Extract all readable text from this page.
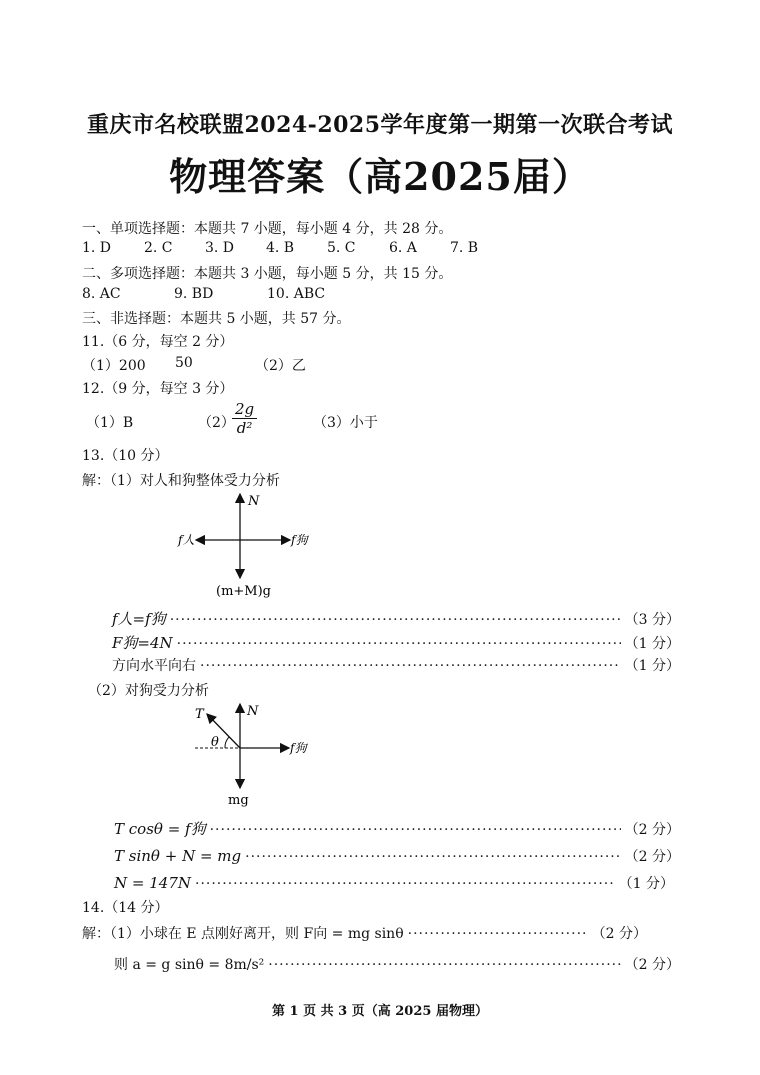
重庆市名校联盟2024-2025学年度第一期第一次联合考试
物理答案（高2025届）
一、单项选择题：本题共 7 小题，每小题 4 分，共 28 分。
1. D 2. C 3. D 4. B 5. C 6. A 7. B
二、多项选择题：本题共 3 小题，每小题 5 分，共 15 分。
8. AC	9. BD	10. ABC
三、非选择题：本题共 5 小题，共 57 分。
11.（6 分，每空 2 分）
（1）200 50	（2）乙
12.（9 分，每空 3 分）
（1）B	（2）
$\frac{2g}{\text{d²}}$	（3）小于
13.（10 分）
解：（1）对人和狗整体受力分析
N
f人	f狗
(m+M)g
f人=f狗 ·····	（3 分）
F狗=4N ·····	（1 分）
方向水平向右 ·····	（1 分）
（2）对狗受力分析
T	N
θ	f狗
mg
T cosθ = f狗 ·····	（2 分）
T sinθ + N = mg ·····	（2 分）
N = 147N ·····	（1 分）
14.（14 分）
解：（1）小球在 E 点刚好离开，则 F向 = mg sinθ ·····	（2 分）
则 a = g sinθ = 8m/s² ·····	（2 分）
第 1 页 共 3 页（高 2025 届物理）
